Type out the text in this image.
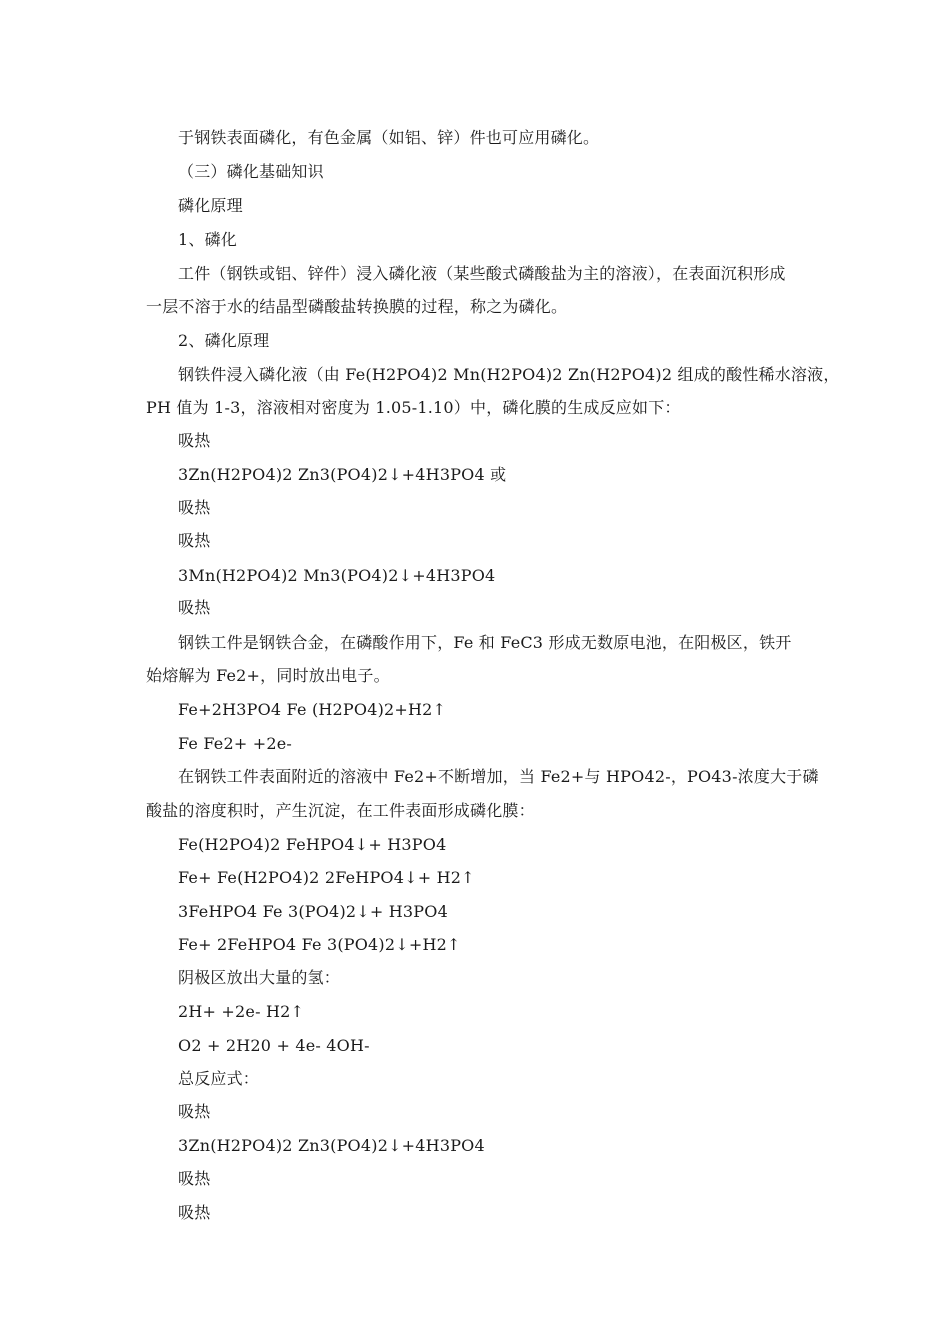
于钢铁表面磷化，有色金属（如铝、锌）件也可应用磷化。
（三）磷化基础知识
磷化原理
1、磷化
工件（钢铁或铝、锌件）浸入磷化液（某些酸式磷酸盐为主的溶液），在表面沉积形成
一层不溶于水的结晶型磷酸盐转换膜的过程，称之为磷化。
2、磷化原理
钢铁件浸入磷化液（由 Fe(H2PO4)2 Mn(H2PO4)2 Zn(H2PO4)2 组成的酸性稀水溶液，
PH 值为 1-3，溶液相对密度为 1.05-1.10）中，磷化膜的生成反应如下：
吸热
3Zn(H2PO4)2 Zn3(PO4)2↓+4H3PO4 或
吸热
吸热
3Mn(H2PO4)2 Mn3(PO4)2↓+4H3PO4
吸热
钢铁工件是钢铁合金，在磷酸作用下，Fe 和 FeC3 形成无数原电池，在阳极区，铁开
始熔解为 Fe2+，同时放出电子。
Fe+2H3PO4 Fe (H2PO4)2+H2↑
Fe Fe2+ +2e-
在钢铁工件表面附近的溶液中 Fe2+不断增加，当 Fe2+与 HPO42-，PO43-浓度大于磷
酸盐的溶度积时，产生沉淀，在工件表面形成磷化膜：
Fe(H2PO4)2 FeHPO4↓+ H3PO4
Fe+ Fe(H2PO4)2 2FeHPO4↓+ H2↑
3FeHPO4 Fe 3(PO4)2↓+ H3PO4
Fe+ 2FeHPO4 Fe 3(PO4)2↓+H2↑
阴极区放出大量的氢：
2H+ +2e- H2↑
O2 + 2H20 + 4e- 4OH-
总反应式：
吸热
3Zn(H2PO4)2 Zn3(PO4)2↓+4H3PO4
吸热
吸热
